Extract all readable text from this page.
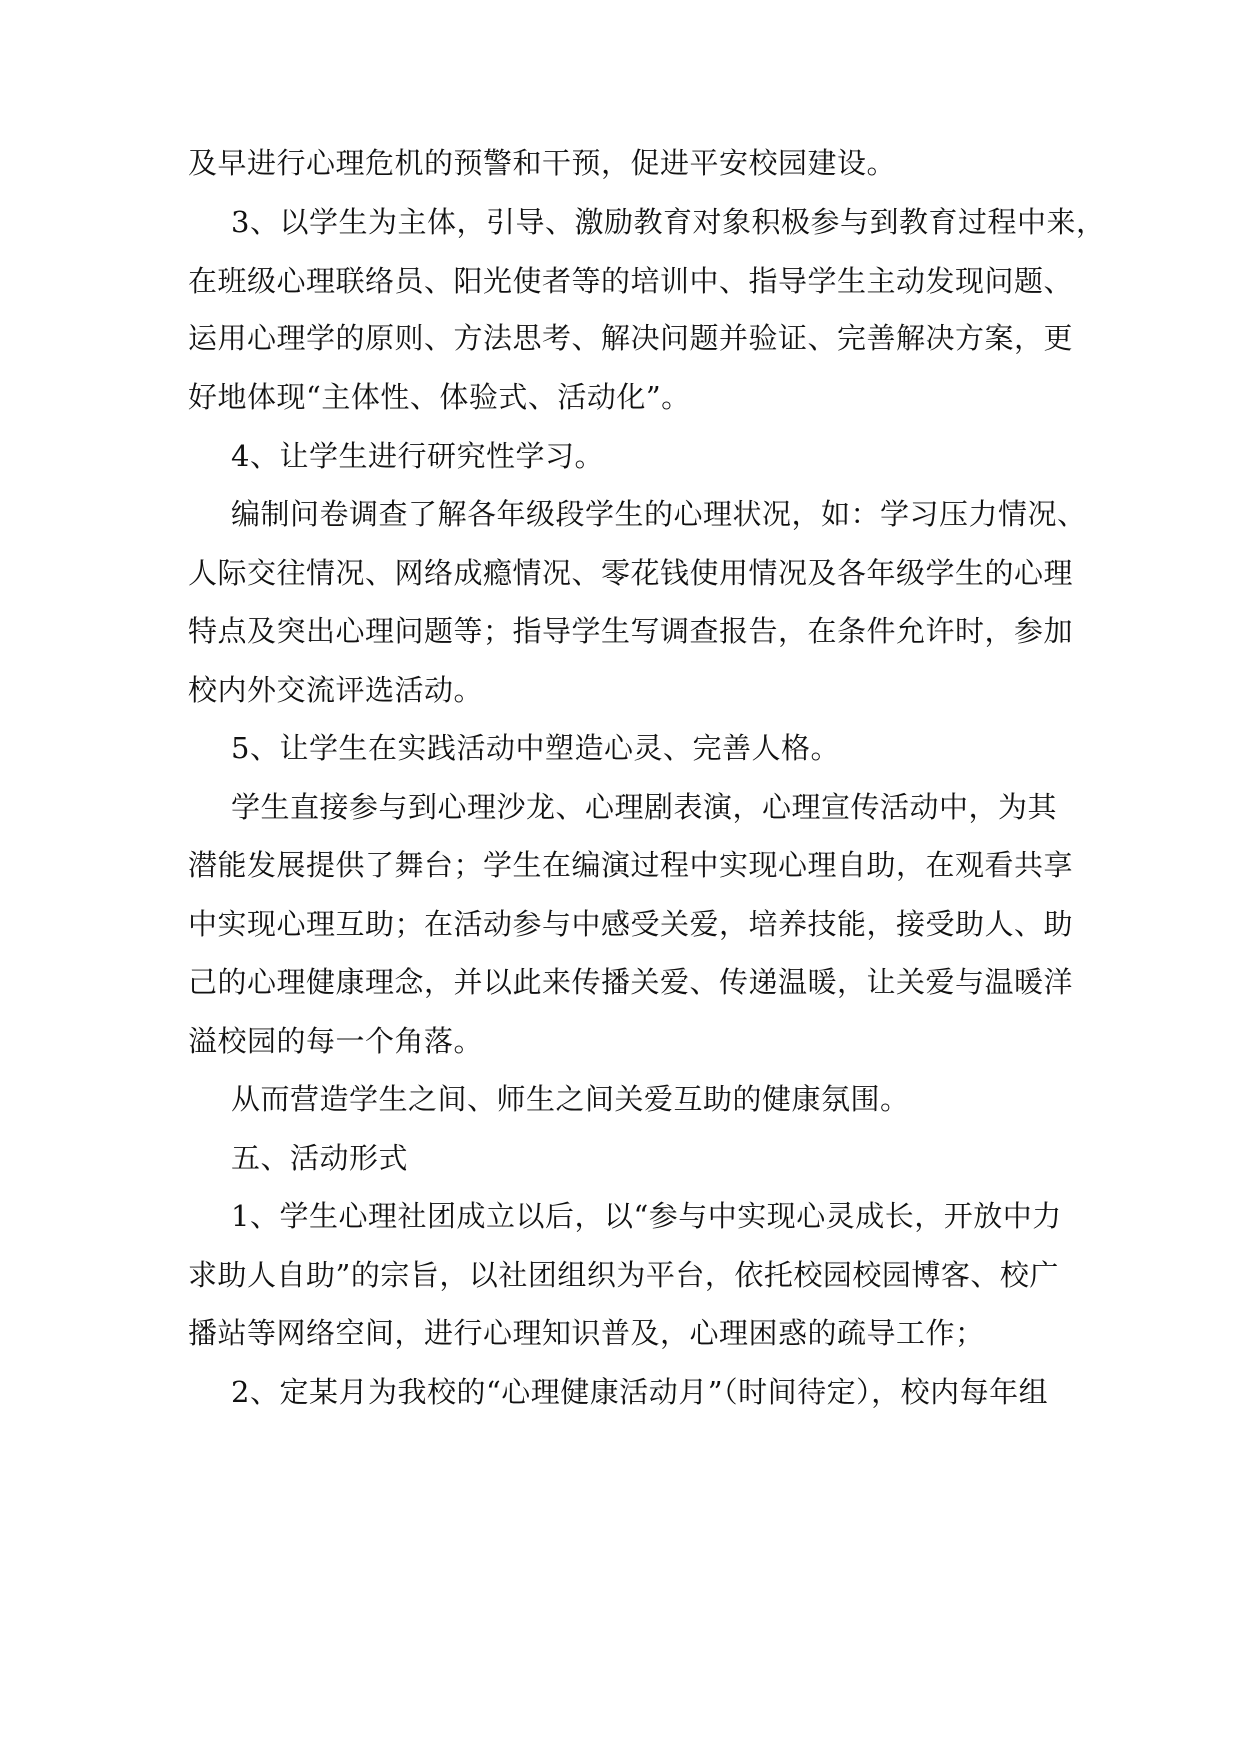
及早进行心理危机的预警和干预，促进平安校园建设。
3、以学生为主体，引导、激励教育对象积极参与到教育过程中来，
在班级心理联络员、阳光使者等的培训中、指导学生主动发现问题、
运用心理学的原则、方法思考、解决问题并验证、完善解决方案，更
好地体现“主体性、体验式、活动化”。
4、让学生进行研究性学习。
编制问卷调查了解各年级段学生的心理状况，如：学习压力情况、
人际交往情况、网络成瘾情况、零花钱使用情况及各年级学生的心理
特点及突出心理问题等；指导学生写调查报告，在条件允许时，参加
校内外交流评选活动。
5、让学生在实践活动中塑造心灵、完善人格。
学生直接参与到心理沙龙、心理剧表演，心理宣传活动中，为其
潜能发展提供了舞台；学生在编演过程中实现心理自助，在观看共享
中实现心理互助；在活动参与中感受关爱，培养技能，接受助人、助
己的心理健康理念，并以此来传播关爱、传递温暖，让关爱与温暖洋
溢校园的每一个角落。
从而营造学生之间、师生之间关爱互助的健康氛围。
五、活动形式
1、学生心理社团成立以后，以“参与中实现心灵成长，开放中力
求助人自助”的宗旨，以社团组织为平台，依托校园校园博客、校广
播站等网络空间，进行心理知识普及，心理困惑的疏导工作；
2、定某月为我校的“心理健康活动月”（时间待定），校内每年组
